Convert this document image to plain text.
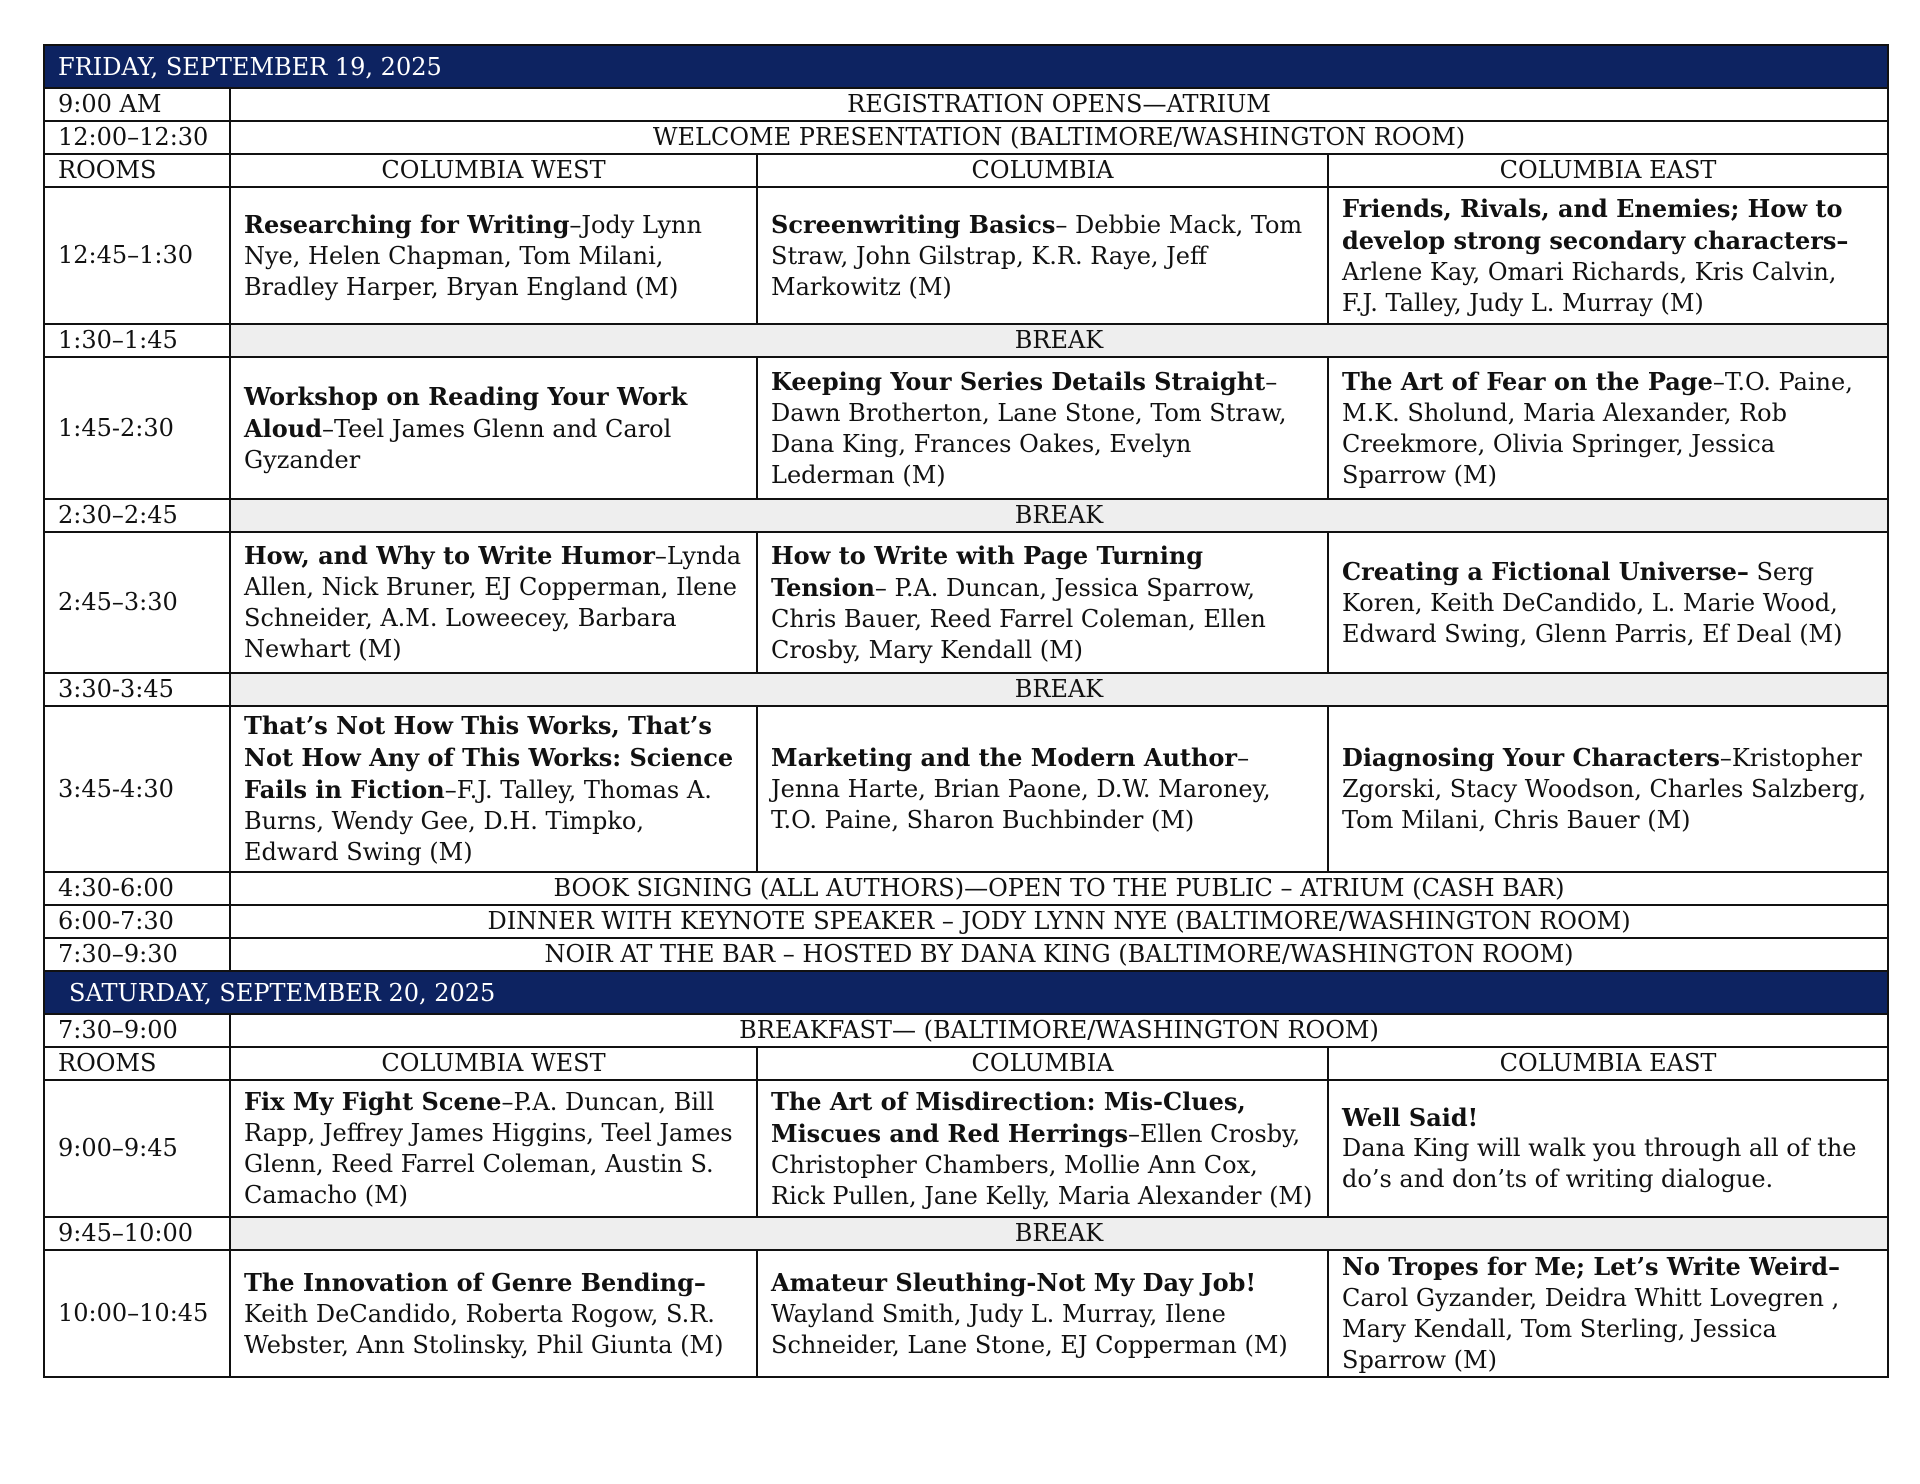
FRIDAY, SEPTEMBER 19, 2025			
9:00 AM	REGISTRATION OPENS—ATRIUM		
12:00–12:30	WELCOME PRESENTATION (BALTIMORE/WASHINGTON ROOM)		
ROOMS	COLUMBIA WEST	COLUMBIA	COLUMBIA EAST
12:45–1:30	Researching for Writing–Jody Lynn Nye, Helen Chapman, Tom Milani, Bradley Harper, Bryan England (M)	Screenwriting Basics– Debbie Mack, Tom Straw, John Gilstrap, K.R. Raye, Jeff Markowitz (M)	Friends, Rivals, and Enemies; How to develop strong secondary characters– Arlene Kay, Omari Richards, Kris Calvin, F.J. Talley, Judy L. Murray (M)
1:30–1:45	BREAK		
1:45-2:30	Workshop on Reading Your Work Aloud–Teel James Glenn and Carol Gyzander	Keeping Your Series Details Straight– Dawn Brotherton, Lane Stone, Tom Straw, Dana King, Frances Oakes, Evelyn Lederman (M)	The Art of Fear on the Page–T.O. Paine, M.K. Sholund, Maria Alexander, Rob Creekmore, Olivia Springer, Jessica Sparrow (M)
2:30–2:45	BREAK		
2:45–3:30	How, and Why to Write Humor–Lynda Allen, Nick Bruner, EJ Copperman, Ilene Schneider, A.M. Loweecey, Barbara Newhart (M)	How to Write with Page Turning Tension– P.A. Duncan, Jessica Sparrow, Chris Bauer, Reed Farrel Coleman, Ellen Crosby, Mary Kendall (M)	Creating a Fictional Universe– Serg Koren, Keith DeCandido, L. Marie Wood, Edward Swing, Glenn Parris, Ef Deal (M)
3:30-3:45	BREAK		
3:45-4:30	That’s Not How This Works, That’s Not How Any of This Works: Science Fails in Fiction–F.J. Talley, Thomas A. Burns, Wendy Gee, D.H. Timpko, Edward Swing (M)	Marketing and the Modern Author–Jenna Harte, Brian Paone, D.W. Maroney, T.O. Paine, Sharon Buchbinder (M)	Diagnosing Your Characters–Kristopher Zgorski, Stacy Woodson, Charles Salzberg, Tom Milani, Chris Bauer (M)
4:30-6:00	BOOK SIGNING (ALL AUTHORS)—OPEN TO THE PUBLIC – ATRIUM (CASH BAR)		
6:00-7:30	DINNER WITH KEYNOTE SPEAKER – JODY LYNN NYE (BALTIMORE/WASHINGTON ROOM)		
7:30–9:30	NOIR AT THE BAR – HOSTED BY DANA KING (BALTIMORE/WASHINGTON ROOM)		
SATURDAY, SEPTEMBER 20, 2025			
7:30–9:00	BREAKFAST— (BALTIMORE/WASHINGTON ROOM)		
ROOMS	COLUMBIA WEST	COLUMBIA	COLUMBIA EAST
9:00–9:45	Fix My Fight Scene–P.A. Duncan, Bill Rapp, Jeffrey James Higgins, Teel James Glenn, Reed Farrel Coleman, Austin S. Camacho (M)	The Art of Misdirection: Mis-Clues, Miscues and Red Herrings–Ellen Crosby, Christopher Chambers, Mollie Ann Cox, Rick Pullen, Jane Kelly, Maria Alexander (M)	Well Said!
Dana King will walk you through all of the do’s and don’ts of writing dialogue.

9:45–10:00	BREAK		
10:00–10:45	The Innovation of Genre Bending–Keith DeCandido, Roberta Rogow, S.R. Webster, Ann Stolinsky, Phil Giunta (M)	Amateur Sleuthing-Not My Day Job! Wayland Smith, Judy L. Murray, Ilene Schneider, Lane Stone, EJ Copperman (M)	No Tropes for Me; Let’s Write Weird–Carol Gyzander, Deidra Whitt Lovegren , Mary Kendall, Tom Sterling, Jessica Sparrow (M)
